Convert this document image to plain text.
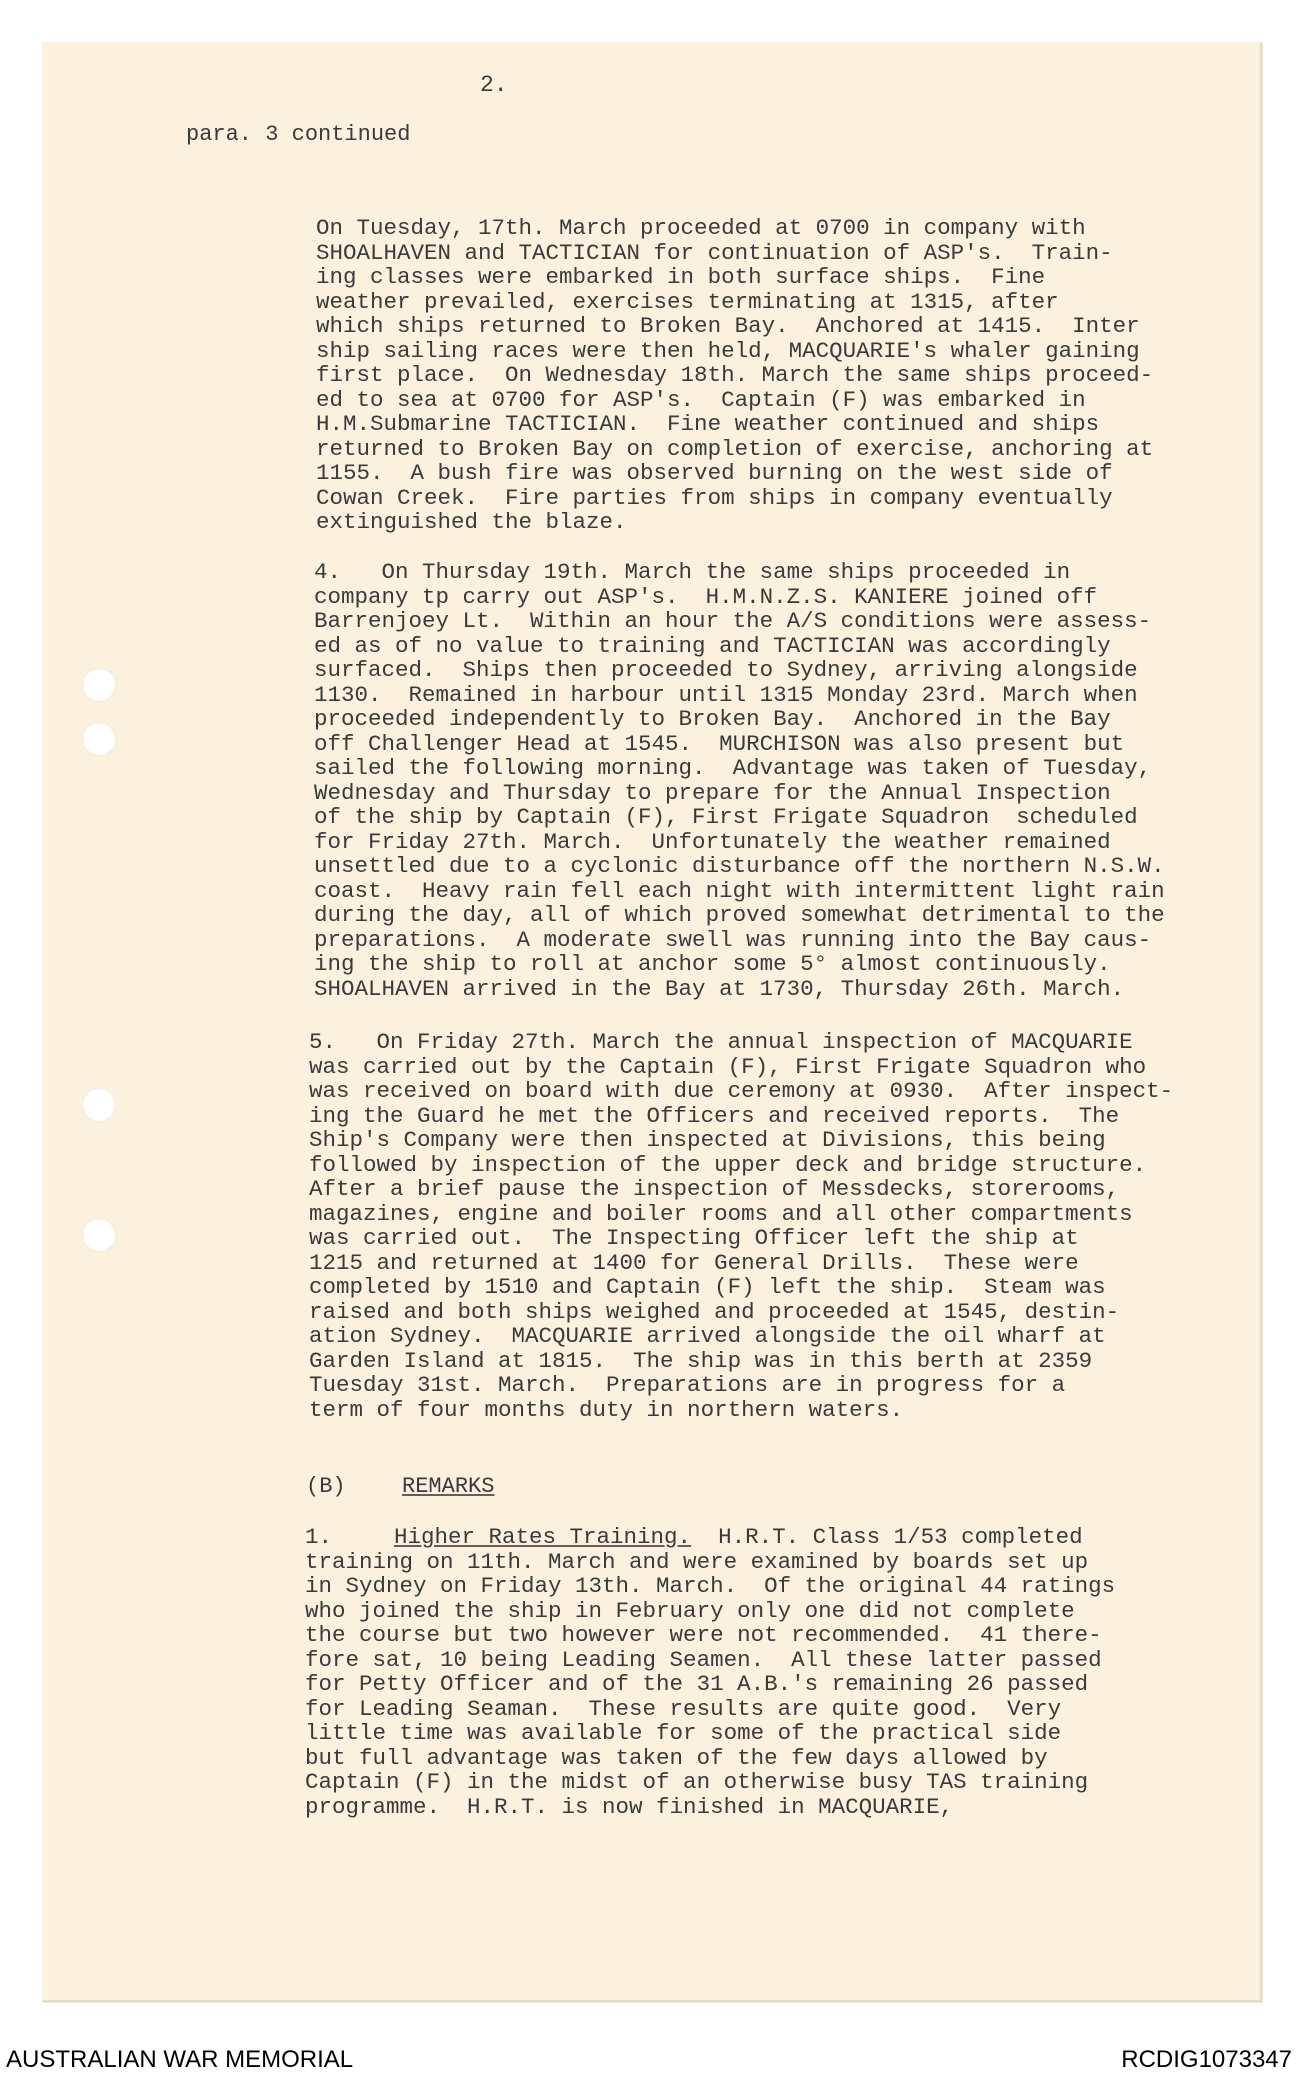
2.
para. 3 continued
On Tuesday, 17th. March proceeded at 0700 in company with
SHOALHAVEN and TACTICIAN for continuation of ASP's.  Train-
ing classes were embarked in both surface ships.  Fine
weather prevailed, exercises terminating at 1315, after
which ships returned to Broken Bay.  Anchored at 1415.  Inter
ship sailing races were then held, MACQUARIE's whaler gaining
first place.  On Wednesday 18th. March the same ships proceed-
ed to sea at 0700 for ASP's.  Captain (F) was embarked in
H.M.Submarine TACTICIAN.  Fine weather continued and ships
returned to Broken Bay on completion of exercise, anchoring at
1155.  A bush fire was observed burning on the west side of
Cowan Creek.  Fire parties from ships in company eventually
extinguished the blaze.
4.   On Thursday 19th. March the same ships proceeded in
company tp carry out ASP's.  H.M.N.Z.S. KANIERE joined off
Barrenjoey Lt.  Within an hour the A/S conditions were assess-
ed as of no value to training and TACTICIAN was accordingly
surfaced.  Ships then proceeded to Sydney, arriving alongside
1130.  Remained in harbour until 1315 Monday 23rd. March when
proceeded independently to Broken Bay.  Anchored in the Bay
off Challenger Head at 1545.  MURCHISON was also present but
sailed the following morning.  Advantage was taken of Tuesday,
Wednesday and Thursday to prepare for the Annual Inspection
of the ship by Captain (F), First Frigate Squadron  scheduled
for Friday 27th. March.  Unfortunately the weather remained
unsettled due to a cyclonic disturbance off the northern N.S.W.
coast.  Heavy rain fell each night with intermittent light rain
during the day, all of which proved somewhat detrimental to the
preparations.  A moderate swell was running into the Bay caus-
ing the ship to roll at anchor some 5° almost continuously.
SHOALHAVEN arrived in the Bay at 1730, Thursday 26th. March.
5.   On Friday 27th. March the annual inspection of MACQUARIE
was carried out by the Captain (F), First Frigate Squadron who
was received on board with due ceremony at 0930.  After inspect-
ing the Guard he met the Officers and received reports.  The
Ship's Company were then inspected at Divisions, this being
followed by inspection of the upper deck and bridge structure.
After a brief pause the inspection of Messdecks, storerooms,
magazines, engine and boiler rooms and all other compartments
was carried out.  The Inspecting Officer left the ship at
1215 and returned at 1400 for General Drills.  These were
completed by 1510 and Captain (F) left the ship.  Steam was
raised and both ships weighed and proceeded at 1545, destin-
ation Sydney.  MACQUARIE arrived alongside the oil wharf at
Garden Island at 1815.  The ship was in this berth at 2359
Tuesday 31st. March.  Preparations are in progress for a
term of four months duty in northern waters.
(B)	REMARKS
1.	Higher Rates Training.  H.R.T. Class 1/53 completed
training on 11th. March and were examined by boards set up
in Sydney on Friday 13th. March.  Of the original 44 ratings
who joined the ship in February only one did not complete
the course but two however were not recommended.  41 there-
fore sat, 10 being Leading Seamen.  All these latter passed
for Petty Officer and of the 31 A.B.'s remaining 26 passed
for Leading Seaman.  These results are quite good.  Very
little time was available for some of the practical side
but full advantage was taken of the few days allowed by
Captain (F) in the midst of an otherwise busy TAS training
programme.  H.R.T. is now finished in MACQUARIE,
AUSTRALIAN WAR MEMORIAL	RCDIG1073347
